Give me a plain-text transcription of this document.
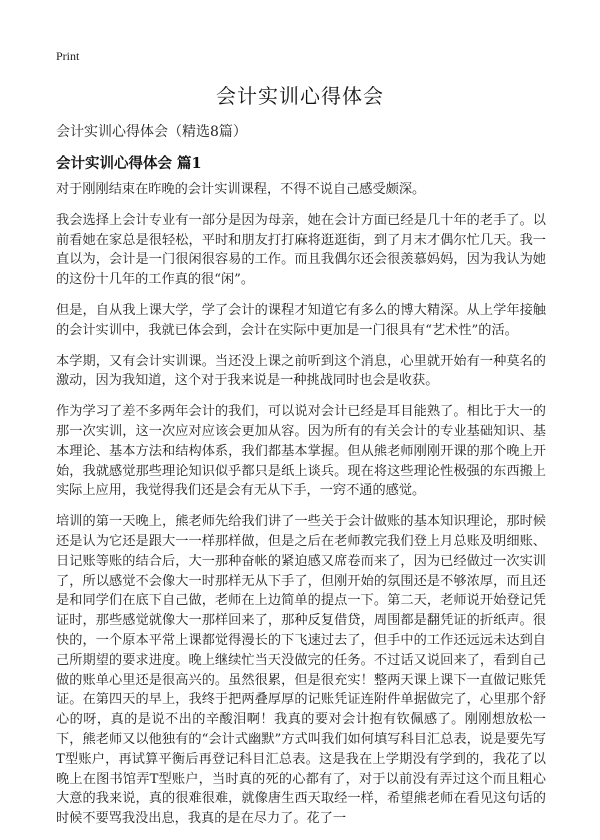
Print
会计实训心得体会
会计实训心得体会（精选8篇）
会计实训心得体会 篇1

对于刚刚结束在昨晚的会计实训课程，不得不说自己感受颇深。

我会选择上会计专业有一部分是因为母亲，她在会计方面已经是几十年的老手了。以前看她在家总是很轻松，平时和朋友打打麻将逛逛街，到了月末才偶尔忙几天。我一直以为，会计是一门很闲很容易的工作。而且我偶尔还会很羡慕妈妈，因为我认为她的这份十几年的工作真的很“闲”。

但是，自从我上课大学，学了会计的课程才知道它有多么的博大精深。从上学年接触的会计实训中，我就已体会到，会计在实际中更加是一门很具有“艺术性”的活。

本学期，又有会计实训课。当还没上课之前听到这个消息，心里就开始有一种莫名的激动，因为我知道，这个对于我来说是一种挑战同时也会是收获。

作为学习了差不多两年会计的我们，可以说对会计已经是耳目能熟了。相比于大一的那一次实训，这一次应对应该会更加从容。因为所有的有关会计的专业基础知识、基本理论、基本方法和结构体系，我们都基本掌握。但从熊老师刚刚开课的那个晚上开始，我就感觉那些理论知识似乎都只是纸上谈兵。现在将这些理论性极强的东西搬上实际上应用，我觉得我们还是会有无从下手，一窍不通的感觉。

培训的第一天晚上，熊老师先给我们讲了一些关于会计做账的基本知识理论，那时候还是认为它还是跟大一一样那样做，但是之后在老师教完我们登上月总账及明细账、日记账等账的结合后，大一那种奋帐的紧迫感又席卷而来了，因为已经做过一次实训了，所以感觉不会像大一时那样无从下手了，但刚开始的氛围还是不够浓厚，而且还是和同学们在底下自己做，老师在上边简单的提点一下。第二天，老师说开始登记凭证时，那些感觉就像大一那样回来了，那种反复借贷，周围都是翻凭证的折纸声。很快的，一个原本平常上课都觉得漫长的下飞速过去了，但手中的工作还远远未达到自己所期望的要求进度。晚上继续忙当天没做完的任务。不过话又说回来了，看到自己做的账单心里还是很高兴的。虽然很累，但是很充实！整两天课上课下一直做记账凭证。在第四天的早上，我终于把两叠厚厚的记账凭证连附件单据做完了，心里那个舒心的呀，真的是说不出的辛酸泪啊！我真的要对会计抱有钦佩感了。刚刚想放松一下，熊老师又以他独有的“会计式幽默”方式叫我们如何填写科目汇总表，说是要先写T型账户，再试算平衡后再登记科目汇总表。这是我在上学期没有学到的，我花了以晚上在图书馆弄T型账户，当时真的死的心都有了，对于以前没有弄过这个而且粗心大意的我来说，真的很难很难，就像唐生西天取经一样，希望熊老师在看见这句话的时候不要骂我没出息，我真的是在尽力了。花了一
